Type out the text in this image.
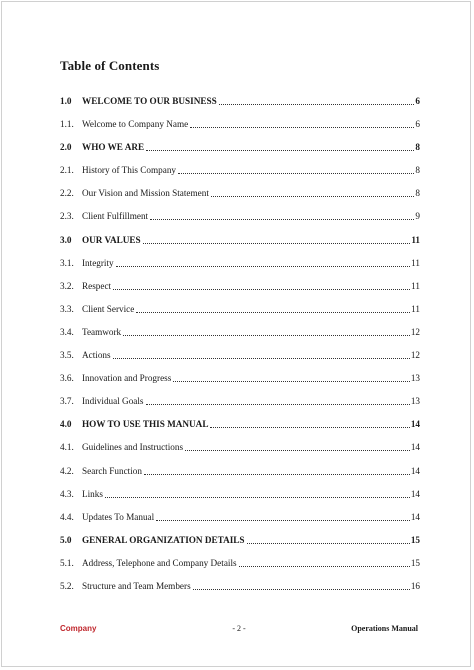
Table of Contents
1.0	WELCOME TO OUR BUSINESS	6
1.1. Welcome to Company Name	6
2.0	WHO WE ARE	8
2.1. History of This Company	8
2.2. Our Vision and Mission Statement	8
2.3. Client Fulfillment	9
3.0	OUR VALUES	11
3.1. Integrity	11
3.2. Respect	11
3.3. Client Service	11
3.4. Teamwork	12
3.5. Actions	12
3.6. Innovation and Progress	13
3.7. Individual Goals	13
4.0	HOW TO USE THIS MANUAL	14
4.1. Guidelines and Instructions	14
4.2. Search Function	14
4.3. Links	14
4.4. Updates To Manual	14
5.0	GENERAL ORGANIZATION DETAILS	15
5.1. Address, Telephone and Company Details	15
5.2. Structure and Team Members	16
Company	- 2 -	Operations Manual
